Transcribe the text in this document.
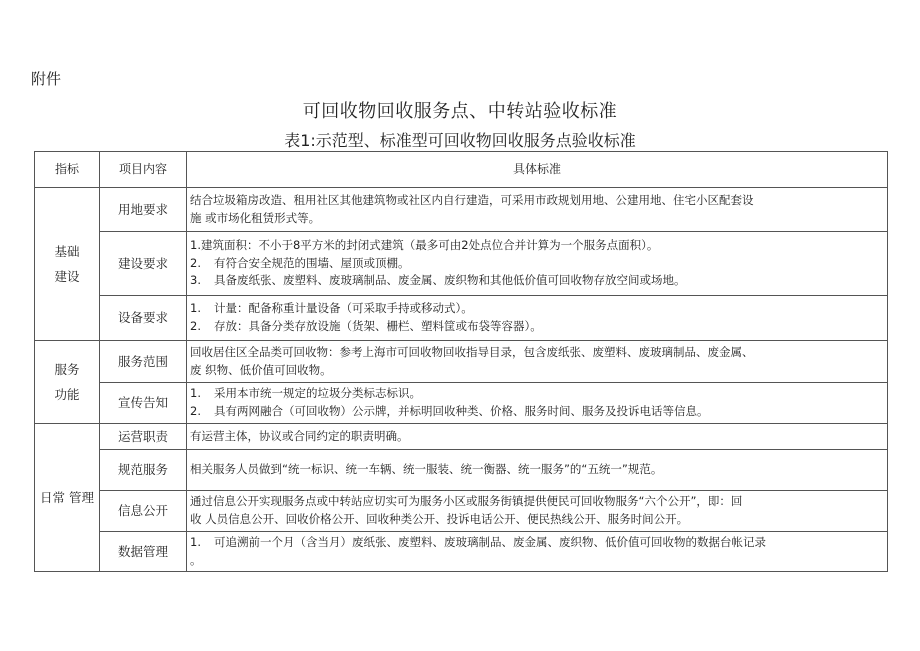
附件
可回收物回收服务点、中转站验收标准
表1:示范型、标准型可回收物回收服务点验收标准
指标	项目内容	具体标准

基础
建设	用地要求	结合垃圾箱房改造、租用社区其他建筑物或社区内自行建造，可采用市政规划用地、公建用地、住宅小区配套设
施 或市场化租赁形式等。

	建设要求	1.建筑面积：不小于8平方米的封闭式建筑（最多可由2处点位合并计算为一个服务点面积）。
2. 有符合安全规范的围墙、屋顶或顶棚。
3. 具备废纸张、废塑料、废玻璃制品、废金属、废织物和其他低价值可回收物存放空间或场地。

	设备要求	1. 计量：配备称重计量设备（可采取手持或移动式）。
2. 存放：具备分类存放设施（货架、栅栏、塑料筐或布袋等容器）。

服务
功能	服务范围	回收居住区全品类可回收物：参考上海市可回收物回收指导目录，包含废纸张、废塑料、废玻璃制品、废金属、
废 织物、低价值可回收物。

	宣传告知	1. 采用本市统一规定的垃圾分类标志标识。
2. 具有两网融合（可回收物）公示牌，并标明回收种类、价格、服务时间、服务及投诉电话等信息。

日常 管理	运营职责	有运营主体，协议或合同约定的职责明确。

	规范服务	相关服务人员做到“统一标识、统一车辆、统一服装、统一衡器、统一服务”的“五统一”规范。

	信息公开	通过信息公开实现服务点或中转站应切实可为服务小区或服务街镇提供便民可回收物服务“六个公开”，即：回
收 人员信息公开、回收价格公开、回收种类公开、投诉电话公开、便民热线公开、服务时间公开。

	数据管理	1. 可追溯前一个月（含当月）废纸张、废塑料、废玻璃制品、废金属、废织物、低价值可回收物的数据台帐记录
。
